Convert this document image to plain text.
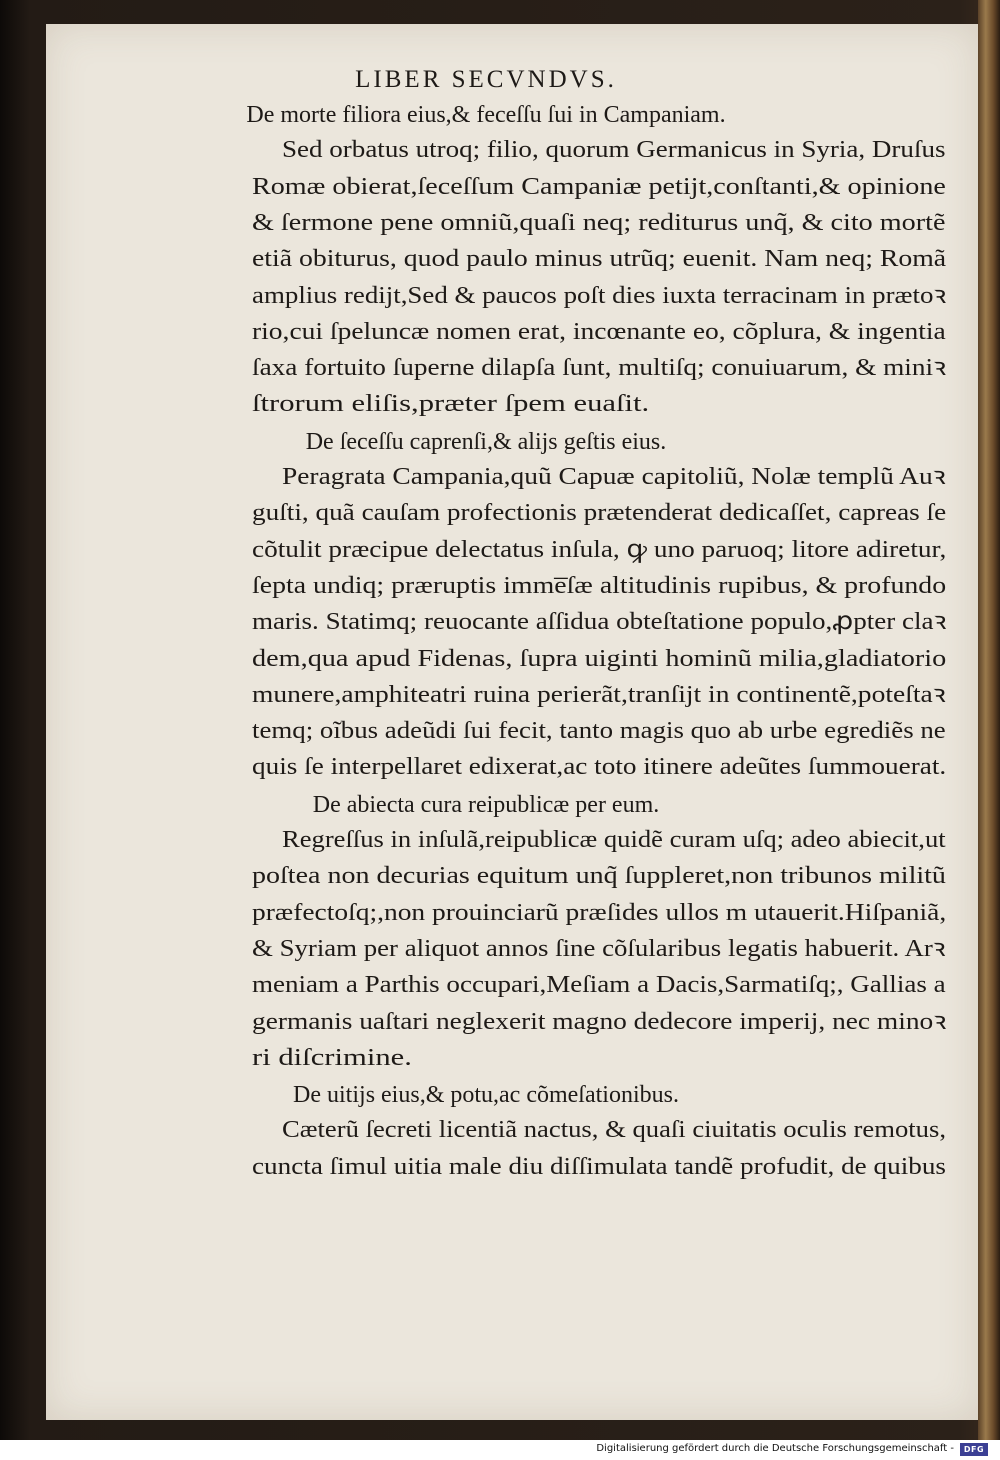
LIBER SECVNDVS.
De morte filiora eius,& feceſſu ſui in Campaniam.
Sed orbatus utroq; filio, quorum Germanicus in Syria, Druſus
Romæ obierat,ſeceſſum Campaniæ petijt,conſtanti,& opinione
& ſermone pene omniũ,quaſi neq; rediturus unq̃, & cito mortẽ
etiã obiturus, quod paulo minus utrũq; euenit. Nam neq; Romã
amplius redijt,Sed & paucos poſt dies iuxta terracinam in prætoꝛ
rio,cui ſpeluncæ nomen erat, incœnante eo, cõplura, & ingentia
ſaxa fortuito ſuperne dilapſa ſunt, multiſq; conuiuarum, & miniꝛ
ſtrorum eliſis,præter ſpem euaſit.
De ſeceſſu caprenſi,& alijs geſtis eius.
Peragrata Campania,quũ Capuæ capitoliũ, Nolæ templũ Auꝛ
guſti, quã cauſam profectionis prætenderat dedicaſſet, capreas ſe
cõtulit præcipue delectatus inſula, ꝙ uno paruoq; litore adiretur,
ſepta undiq; præruptis imme̅ſæ altitudinis rupibus, & profundo
maris. Statimq; reuocante aſſidua obteſtatione populo,ꝓpter claꝛ
dem,qua apud Fidenas, ſupra uiginti hominũ milia,gladiatorio
munere,amphiteatri ruina perierãt,tranſijt in continentẽ,poteſtaꝛ
temq; oĩbus adeũdi ſui fecit, tanto magis quo ab urbe egrediẽs ne
quis ſe interpellaret edixerat,ac toto itinere adeũtes ſummouerat.
De abiecta cura reipublicæ per eum.
Regreſſus in inſulã,reipublicæ quidẽ curam uſq; adeo abiecit,ut
poſtea non decurias equitum unq̃ ſuppleret,non tribunos militũ
præfectoſq;,non prouinciarũ præſides ullos m utauerit.Hiſpaniã,
& Syriam per aliquot annos ſine cõſularibus legatis habuerit. Arꝛ
meniam a Parthis occupari,Meſiam a Dacis,Sarmatiſq;, Gallias a
germanis uaſtari neglexerit magno dedecore imperij, nec minoꝛ
ri diſcrimine.
De uitijs eius,& potu,ac cõmeſationibus.
Cæterũ ſecreti licentiã nactus, & quaſi ciuitatis oculis remotus,
cuncta ſimul uitia male diu diſſimulata tandẽ profudit, de quibus
Digitalisierung gefördert durch die Deutsche Forschungsgemeinschaft -	DFG
